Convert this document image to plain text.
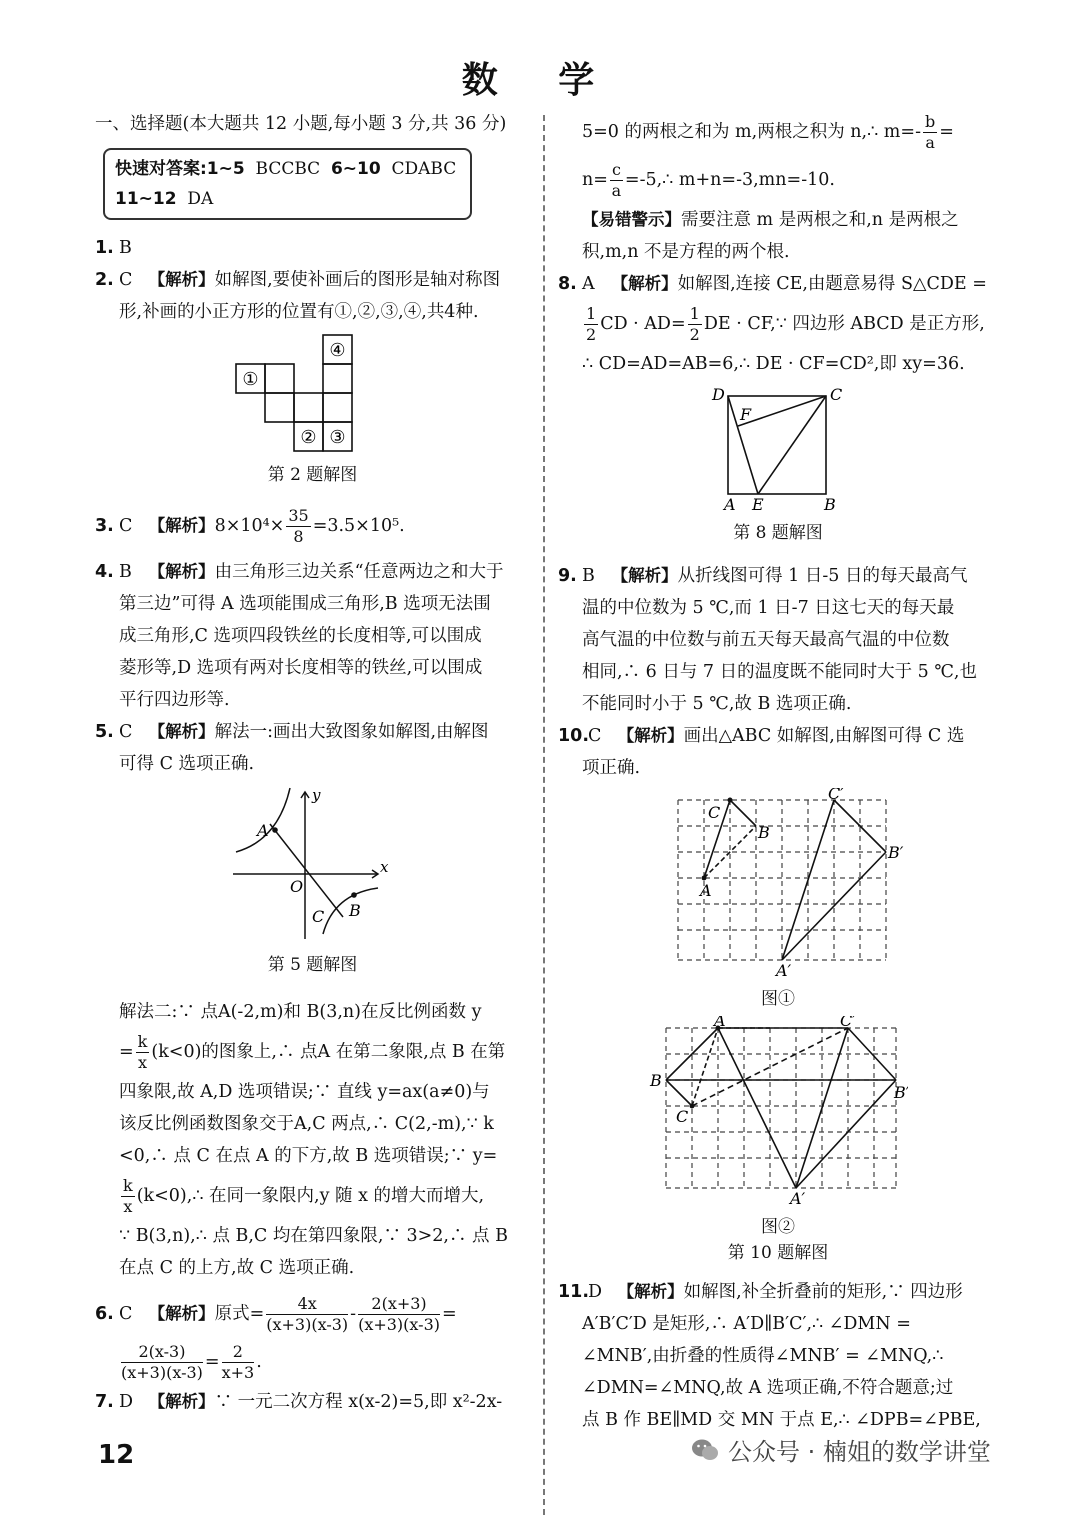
数 学
一、选择题(本大题共 12 小题,每小题 3 分,共 36 分)
快速对答案:1~5 BCCBC 6~10 CDABC
11~12 DA
1. B
2. C 【解析】如解图,要使补画后的图形是轴对称图
形,补画的小正方形的位置有①,②,③,④,共4种.
①
② ③
④
第 2 题解图
3. C 【解析】$8\times 10^4\times \frac{35}{8} =3.5\times 10^5$.
4. B 【解析】由三角形三边关系“任意两边之和大于
第三边”可得 A 选项能围成三角形,B 选项无法围
成三角形,C 选项四段铁丝的长度相等,可以围成
菱形等,D 选项有两对长度相等的铁丝,可以围成
平行四边形等.
5. C 【解析】解法一:画出大致图象如解图,由解图
可得 C 选项正确.
y
x
O
A
B
C
第 5 题解图
解法二:∵ 点A(-2,m)和 B(3,n)在反比例函数 y
= $\frac{k}{x} (k<0)$的图象上,∴ 点A 在第二象限,点 B 在第
四象限,故 A,D 选项错误;∵ 直线 y=ax(a≠0)与
该反比例函数图象交于A,C 两点,∴ C(2,-m),∵ k
<0,∴ 点 C 在点 A 的下方,故 B 选项错误;∵ y=
$\frac{k}{x}$ (k<0),∴ 在同一象限内,y 随 x 的增大而增大,
∵ B(3,n),∴ 点 B,C 均在第四象限,∵ 3>2,∴ 点 B
在点 C 的上方,故 C 选项正确.
6. C 【解析】原式= $\frac{4x}{(x+3)(x-3)} - \frac{2(x+3)}{(x+3)(x-3)}$ =
$\frac{2(x-3)}{(x+3)(x-3)} = \frac{2}{x+3}$ .
7. D 【解析】∵ 一元二次方程 x(x-2)=5,即 x²-2x-
5=0 的两根之和为 m,两根之积为 n,∴ $m=- \frac{b}{a}$ =
$n= \frac{c}{a}$ =-5,∴ m+n=-3,mn=-10.
【易错警示】需要注意 m 是两根之和,n 是两根之
积,m,n 不是方程的两个根.
8. A 【解析】如解图,连接 CE,由题意易得 S△CDE =
$\frac{1}{2}$ CD · $AD= \frac{1}{2}$ DE · CF,∵ 四边形 ABCD 是正方形,
∴ CD=AD=AB=6,∴ DE · CF=CD²,即 xy=36.
D	C
A E	B
F
第 8 题解图
9. B 【解析】从折线图可得 1 日-5 日的每天最高气
温的中位数为 5 ℃,而 1 日-7 日这七天的每天最
高气温的中位数与前五天每天最高气温的中位数
相同,∴ 6 日与 7 日的温度既不能同时大于 5 ℃,也
不能同时小于 5 ℃,故 B 选项正确.
10.C 【解析】画出△ABC 如解图,由解图可得 C 选
项正确.
A
B
C
A′
B′
C′
图①
A
B
C
A′
B′
C′
图②
第 10 题解图
11.D 【解析】如解图,补全折叠前的矩形,∵ 四边形
A′B′C′D 是矩形,∴ A′D∥B′C′,∴ ∠DMN =
∠MNB′,由折叠的性质得∠MNB′ = ∠MNQ,∴
∠DMN=∠MNQ,故 A 选项正确,不符合题意;过
点 B 作 BE∥MD 交 MN 于点 E,∴ ∠DPB=∠PBE,
12	公众号 · 楠姐的数学讲堂
